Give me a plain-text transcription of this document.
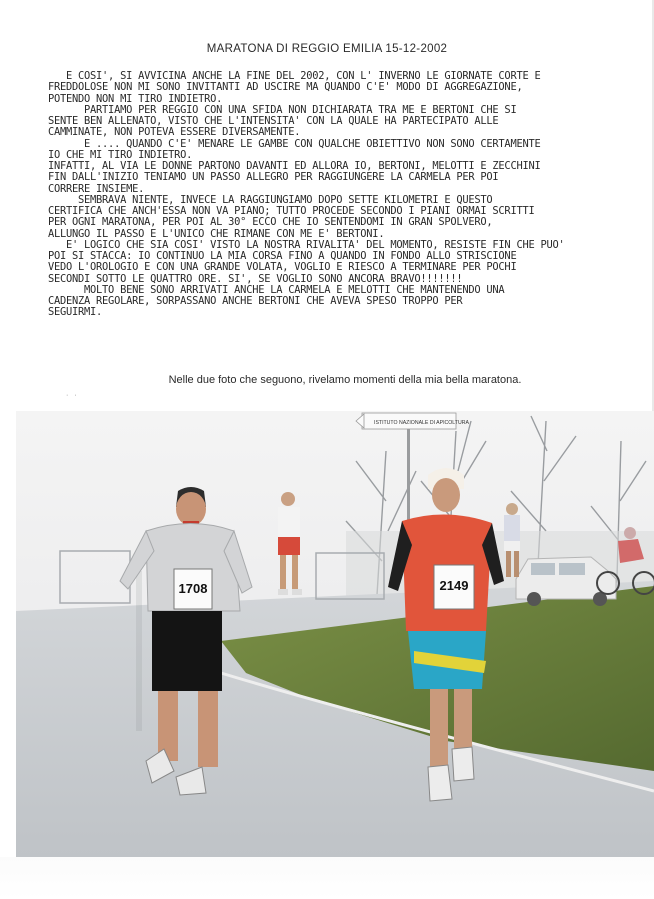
MARATONA DI REGGIO EMILIA 15-12-2002
E COSI', SI AVVICINA ANCHE LA FINE DEL 2002, CON L' INVERNO LE GIORNATE CORTE E
FREDDOLOSE NON MI SONO INVITANTI AD USCIRE MA QUANDO C'E' MODO DI AGGREGAZIONE,
POTENDO NON MI TIRO INDIETRO.
PARTIAMO PER REGGIO CON UNA SFIDA NON DICHIARATA TRA ME E BERTONI CHE SI
SENTE BEN ALLENATO, VISTO CHE L'INTENSITA' CON LA QUALE HA PARTECIPATO ALLE
CAMMINATE, NON POTEVA ESSERE DIVERSAMENTE.
E .... QUANDO C'E' MENARE LE GAMBE CON QUALCHE OBIETTIVO NON SONO CERTAMENTE
IO CHE MI TIRO INDIETRO.
INFATTI, AL VIA LE DONNE PARTONO DAVANTI ED ALLORA IO, BERTONI, MELOTTI E ZECCHINI
FIN DALL'INIZIO TENIAMO UN PASSO ALLEGRO PER RAGGIUNGERE LA CARMELA PER POI
CORRERE INSIEME.
SEMBRAVA NIENTE, INVECE LA RAGGIUNGIAMO DOPO SETTE KILOMETRI E QUESTO
CERTIFICA CHE ANCH'ESSA NON VA PIANO; TUTTO PROCEDE SECONDO I PIANI ORMAI SCRITTI
PER OGNI MARATONA, PER POI AL 30° ECCO CHE IO SENTENDOMI IN GRAN SPOLVERO,
ALLUNGO IL PASSO E L'UNICO CHE RIMANE CON ME E' BERTONI.
E' LOGICO CHE SIA COSI' VISTO LA NOSTRA RIVALITA' DEL MOMENTO, RESISTE FIN CHE PUO'
POI SI STACCA: IO CONTINUO LA MIA CORSA FINO A QUANDO IN FONDO ALLO STRISCIONE
VEDO L'OROLOGIO E CON UNA GRANDE VOLATA, VOGLIO E RIESCO A TERMINARE PER POCHI
SECONDI SOTTO LE QUATTRO ORE. SI', SE VOGLIO SONO ANCORA BRAVO!!!!!!!
MOLTO BENE SONO ARRIVATI ANCHE LA CARMELA E MELOTTI CHE MANTENENDO UNA
CADENZA REGOLARE, SORPASSANO ANCHE BERTONI CHE AVEVA SPESO TROPPO PER
SEGUIRMI.
Nelle due foto che seguono, rivelamo momenti della mia bella maratona.
· ·
1708	2149
ISTITUTO NAZIONALE DI APICOLTURA
